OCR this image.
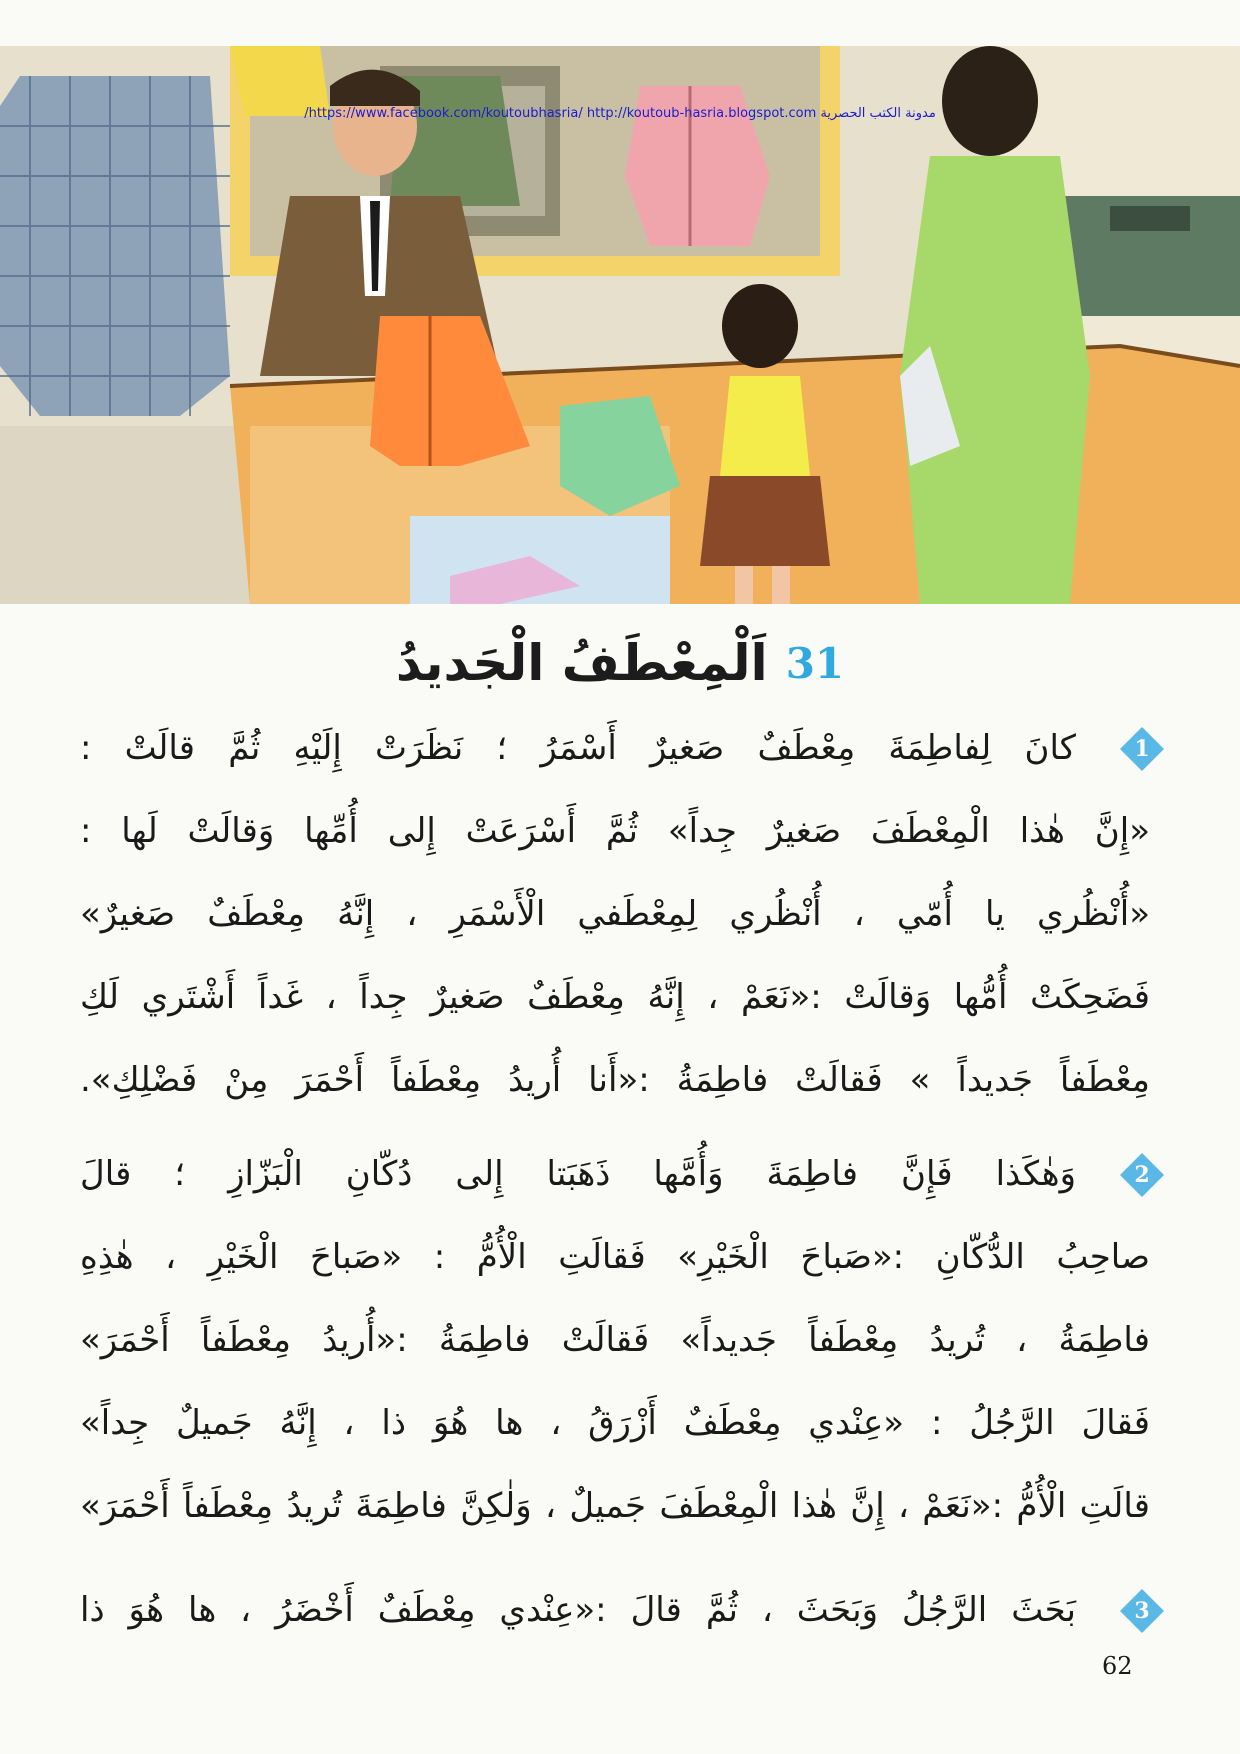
/https://www.facebook.com/koutoubhasria/ http://koutoub-hasria.blogspot.com مدونة الكتب الحصرية
31
اَلْمِعْطَفُ الْجَديدُ
1
كانَ لِفاطِمَةَ مِعْطَفٌ صَغيرٌ أَسْمَرُ ؛ نَظَرَتْ إِلَيْهِ ثُمَّ قالَتْ :
«إِنَّ هٰذا الْمِعْطَفَ صَغيرٌ جِداً» ثُمَّ أَسْرَعَتْ إِلى أُمِّها وَقالَتْ لَها :
«أُنْظُري يا أُمّي ، أُنْظُري لِمِعْطَفي الْأَسْمَرِ ، إِنَّهُ مِعْطَفٌ صَغيرٌ»
فَضَحِكَتْ أُمُّها وَقالَتْ :«نَعَمْ ، إِنَّهُ مِعْطَفٌ صَغيرٌ جِداً ، غَداً أَشْتَري لَكِ
مِعْطَفاً جَديداً » فَقالَتْ فاطِمَةُ :«أَنا أُريدُ مِعْطَفاً أَحْمَرَ مِنْ فَضْلِكِ».
2
وَهٰكَذا فَإِنَّ فاطِمَةَ وَأُمَّها ذَهَبَتا إِلى دُكّانِ الْبَزّازِ ؛ قالَ
صاحِبُ الدُّكّانِ :«صَباحَ الْخَيْرِ» فَقالَتِ الْأُمُّ : «صَباحَ الْخَيْرِ ، هٰذِهِ
فاطِمَةُ ، تُريدُ مِعْطَفاً جَديداً» فَقالَتْ فاطِمَةُ :«أُريدُ مِعْطَفاً أَحْمَرَ»
فَقالَ الرَّجُلُ : «عِنْدي مِعْطَفٌ أَزْرَقُ ، ها هُوَ ذا ، إِنَّهُ جَميلٌ جِداً»
قالَتِ الْأُمُّ :«نَعَمْ ، إِنَّ هٰذا الْمِعْطَفَ جَميلٌ ، وَلٰكِنَّ فاطِمَةَ تُريدُ مِعْطَفاً أَحْمَرَ»
3
بَحَثَ الرَّجُلُ وَبَحَثَ ، ثُمَّ قالَ :«عِنْدي مِعْطَفٌ أَخْضَرُ ، ها هُوَ ذا
62
